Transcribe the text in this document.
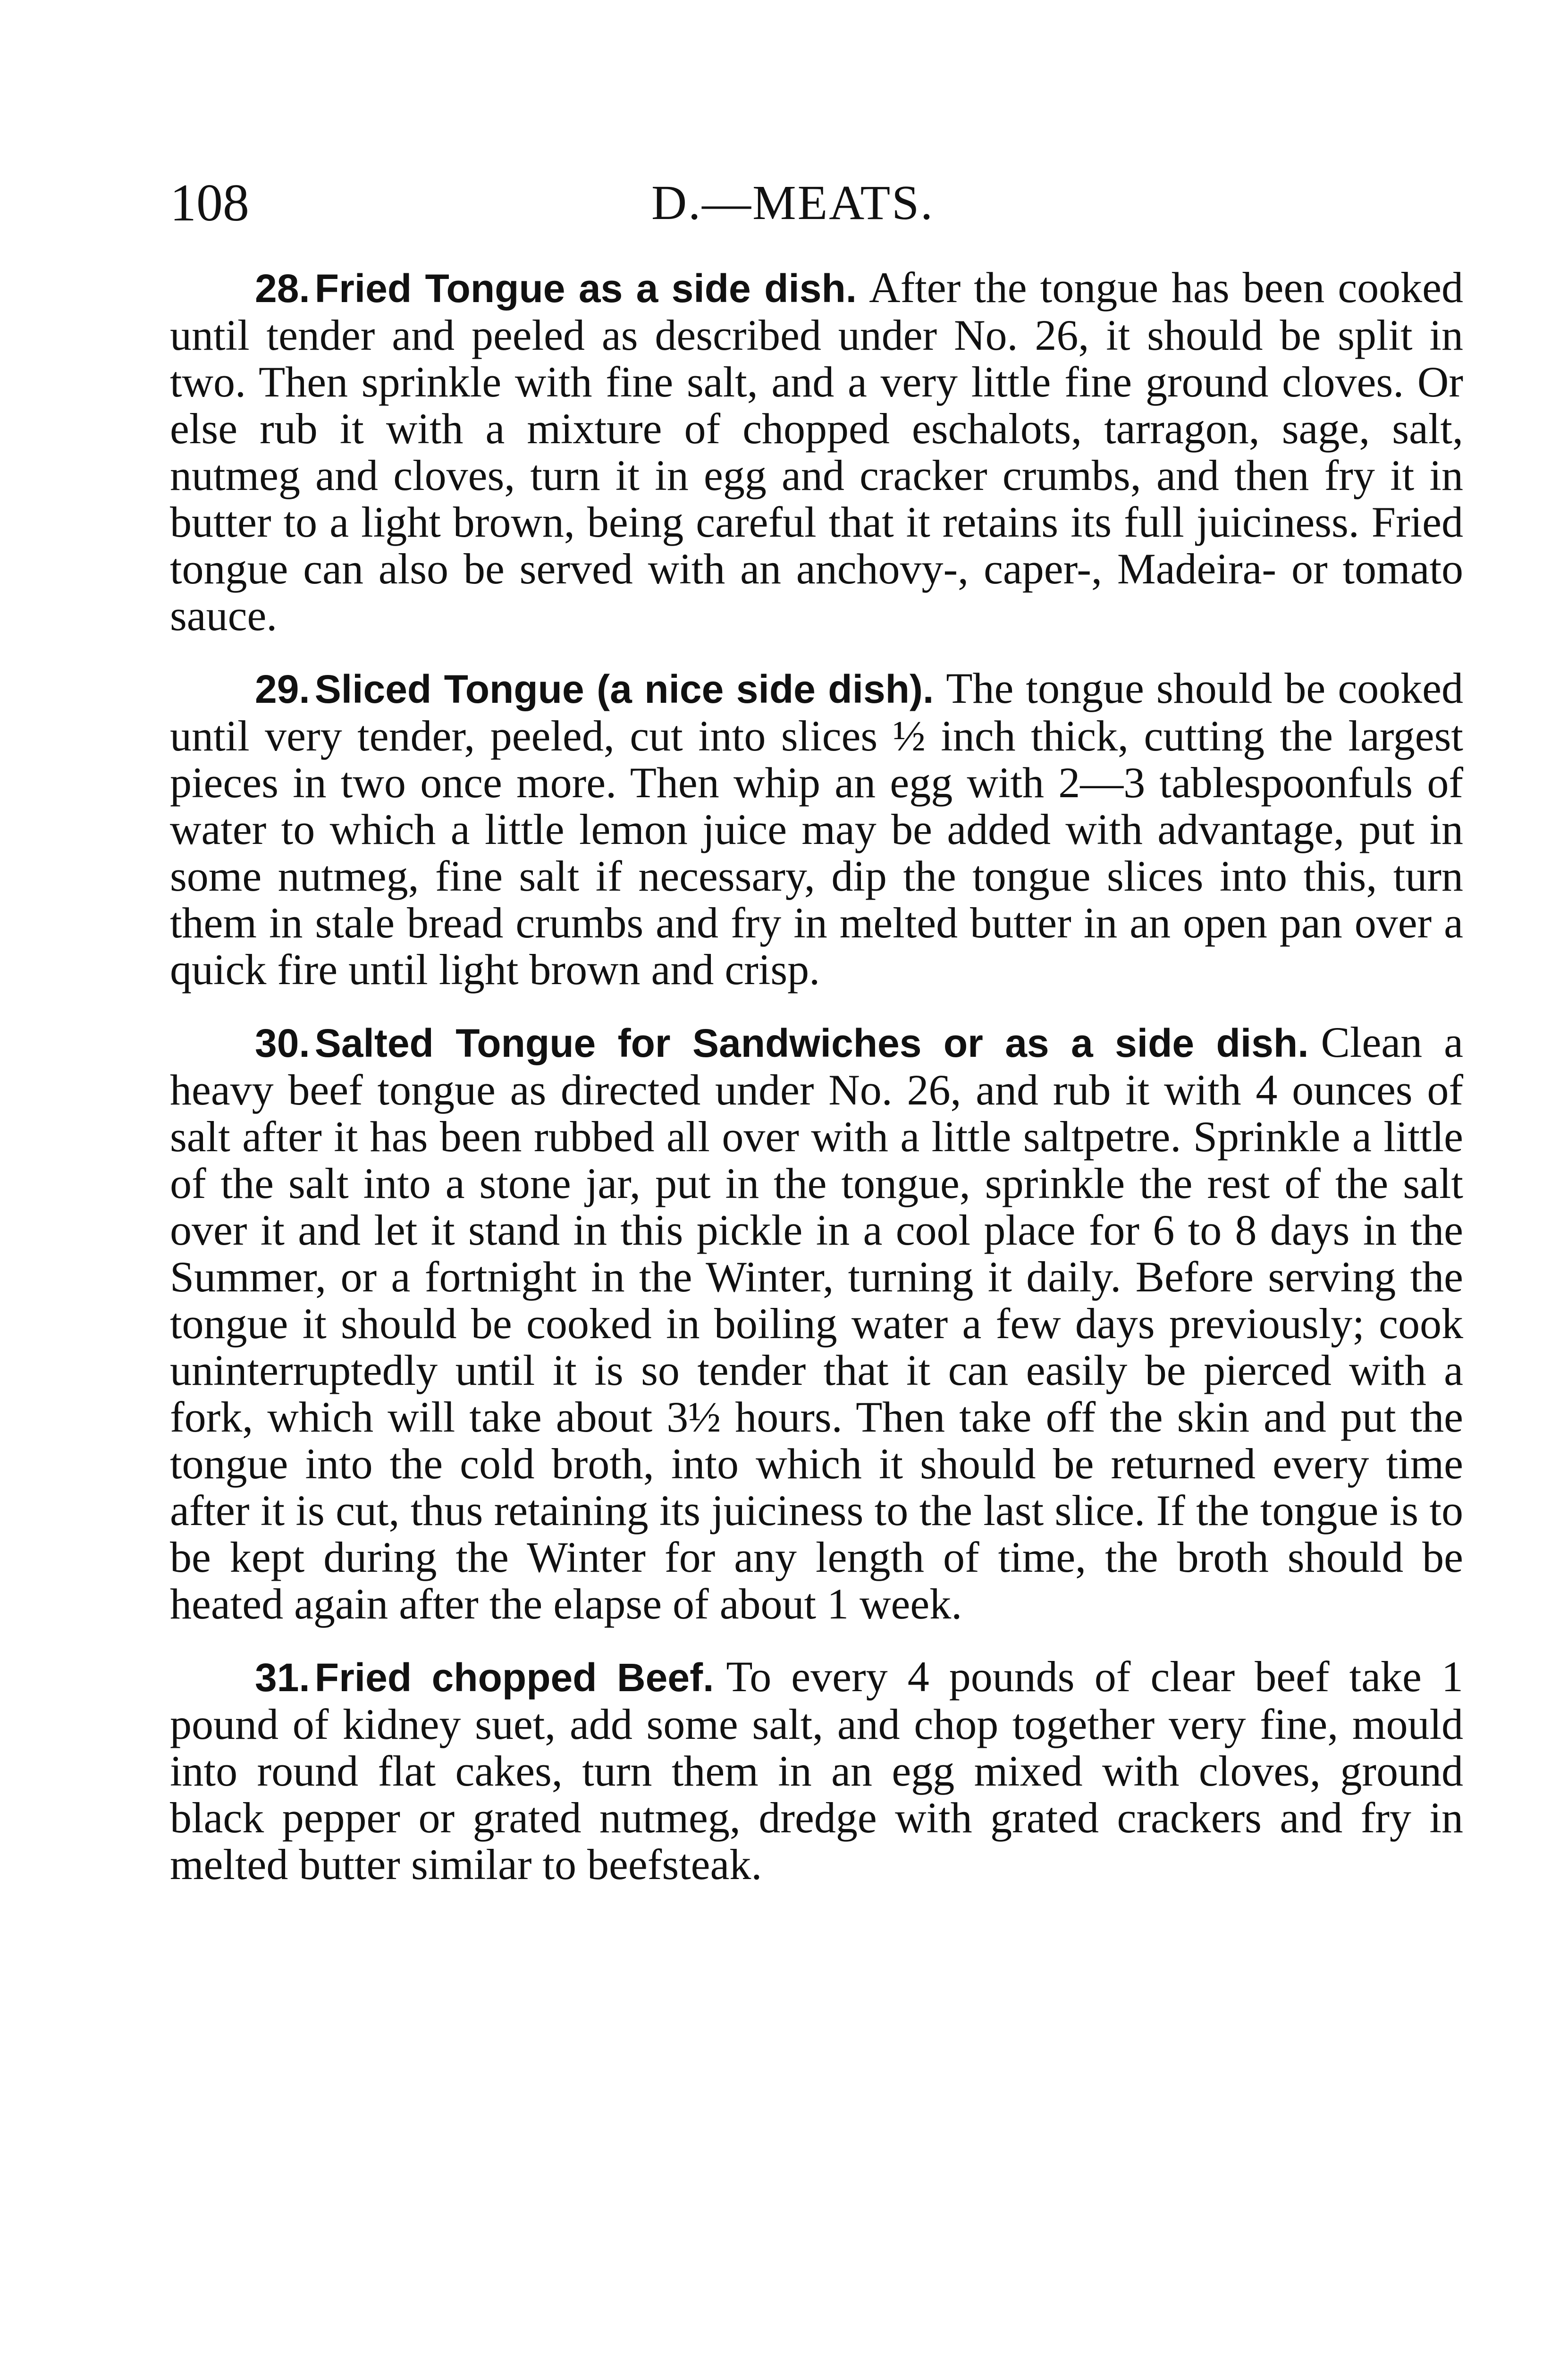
108	D.—MEATS.

28. Fried Tongue as a side dish. After the tongue has been cooked until tender and peeled as described under No. 26, it should be split in two. Then sprinkle with fine salt, and a very little fine ground cloves. Or else rub it with a mixture of chopped eschalots, tarragon, sage, salt, nutmeg and cloves, turn it in egg and cracker crumbs, and then fry it in butter to a light brown, being careful that it retains its full juiciness. Fried tongue can also be served with an anchovy-, caper-, Madeira- or tomato sauce.

29. Sliced Tongue (a nice side dish). The tongue should be cooked until very tender, peeled, cut into slices ½ inch thick, cutting the largest pieces in two once more. Then whip an egg with 2—3 tablespoonfuls of water to which a little lemon juice may be added with advantage, put in some nutmeg, fine salt if necessary, dip the tongue slices into this, turn them in stale bread crumbs and fry in melted butter in an open pan over a quick fire until light brown and crisp.

30. Salted Tongue for Sandwiches or as a side dish. Clean a heavy beef tongue as directed under No. 26, and rub it with 4 ounces of salt after it has been rubbed all over with a little saltpetre. Sprinkle a little of the salt into a stone jar, put in the tongue, sprinkle the rest of the salt over it and let it stand in this pickle in a cool place for 6 to 8 days in the Summer, or a fortnight in the Winter, turning it daily. Before serving the tongue it should be cooked in boiling water a few days previously; cook uninterruptedly until it is so tender that it can easily be pierced with a fork, which will take about 3½ hours. Then take off the skin and put the tongue into the cold broth, into which it should be returned every time after it is cut, thus retaining its juiciness to the last slice. If the tongue is to be kept during the Winter for any length of time, the broth should be heated again after the elapse of about 1 week.

31. Fried chopped Beef. To every 4 pounds of clear beef take 1 pound of kidney suet, add some salt, and chop together very fine, mould into round flat cakes, turn them in an egg mixed with cloves, ground black pepper or grated nutmeg, dredge with grated crackers and fry in melted butter similar to beefsteak.
